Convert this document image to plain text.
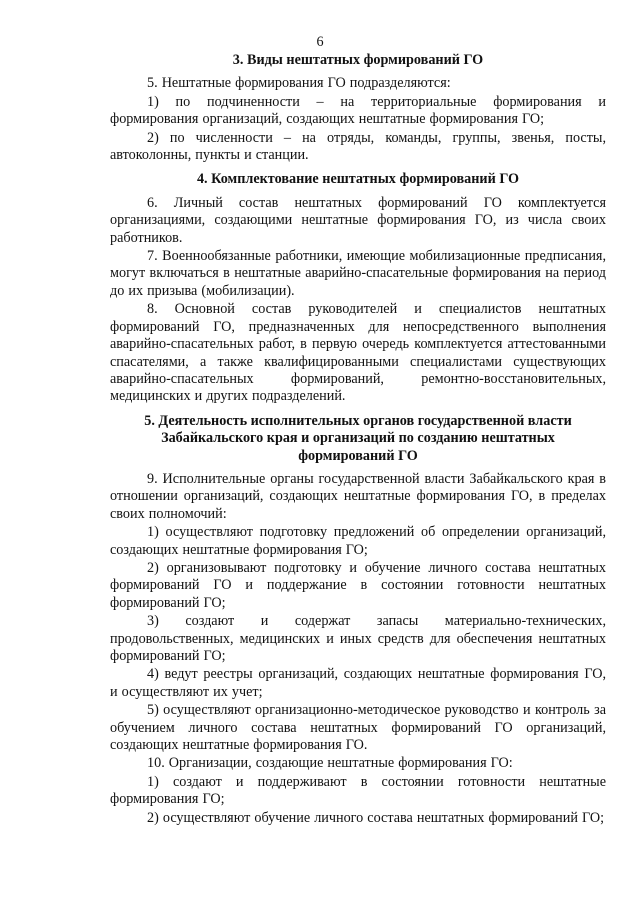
6
3. Виды нештатных формирований ГО

5. Нештатные формирования ГО подразделяются:

1) по подчиненности – на территориальные формирования и формирования организаций, создающих нештатные формирования ГО;

2) по численности – на отряды, команды, группы, звенья, посты, автоколонны, пункты и станции.

4. Комплектование нештатных формирований ГО

6. Личный состав нештатных формирований ГО комплектуется организациями, создающими нештатные формирования ГО, из числа своих работников.

7. Военнообязанные работники, имеющие мобилизационные предписания, могут включаться в нештатные аварийно-спасательные формирования на период до их призыва (мобилизации).

8. Основной состав руководителей и специалистов нештатных формирований ГО, предназначенных для непосредственного выполнения аварийно-спасательных работ, в первую очередь комплектуется аттестованными спасателями, а также квалифицированными специалистами существующих аварийно-спасательных формирований, ремонтно-восстановительных, медицинских и других подразделений.

5. Деятельность исполнительных органов государственной власти
Забайкальского края и организаций по созданию нештатных
формирований ГО

9. Исполнительные органы государственной власти Забайкальского края в отношении организаций, создающих нештатные формирования ГО, в пределах своих полномочий:

1) осуществляют подготовку предложений об определении организаций, создающих нештатные формирования ГО;

2) организовывают подготовку и обучение личного состава нештатных формирований ГО и поддержание в состоянии готовности нештатных формирований ГО;

3) создают и содержат запасы материально-технических, продовольственных, медицинских и иных средств для обеспечения нештатных формирований ГО;

4) ведут реестры организаций, создающих нештатные формирования ГО, и осуществляют их учет;

5) осуществляют организационно-методическое руководство и контроль за обучением личного состава нештатных формирований ГО организаций, создающих нештатные формирования ГО.

10. Организации, создающие нештатные формирования ГО:

1) создают и поддерживают в состоянии готовности нештатные формирования ГО;

2) осуществляют обучение личного состава нештатных формирований ГО;
